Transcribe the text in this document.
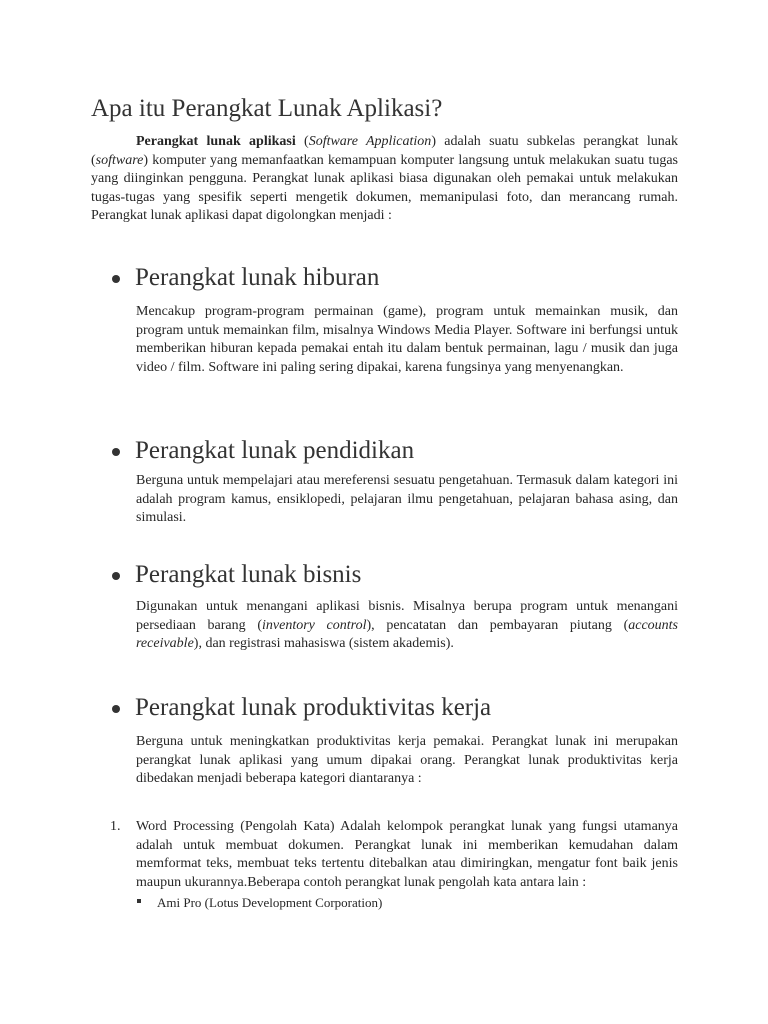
Apa itu Perangkat Lunak Aplikasi?

Perangkat lunak aplikasi (Software Application) adalah suatu subkelas perangkat lunak (software) komputer yang memanfaatkan kemampuan komputer langsung untuk melakukan suatu tugas yang diinginkan pengguna. Perangkat lunak aplikasi biasa digunakan oleh pemakai untuk melakukan tugas-tugas yang spesifik seperti mengetik dokumen, memanipulasi foto, dan merancang rumah. Perangkat lunak aplikasi dapat digolongkan menjadi :

Perangkat lunak hiburan

Mencakup program-program permainan (game), program untuk memainkan musik, dan program untuk memainkan film, misalnya Windows Media Player. Software ini berfungsi untuk memberikan hiburan kepada pemakai entah itu dalam bentuk permainan, lagu / musik dan juga video / film. Software ini paling sering dipakai, karena fungsinya yang menyenangkan.

Perangkat lunak pendidikan

Berguna untuk mempelajari atau mereferensi sesuatu pengetahuan. Termasuk dalam kategori ini adalah program kamus, ensiklopedi, pelajaran ilmu pengetahuan, pelajaran bahasa asing, dan simulasi.

Perangkat lunak bisnis

Digunakan untuk menangani aplikasi bisnis. Misalnya berupa program untuk menangani persediaan barang (inventory control), pencatatan dan pembayaran piutang (accounts receivable), dan registrasi mahasiswa (sistem akademis).

Perangkat lunak produktivitas kerja

Berguna untuk meningkatkan produktivitas kerja pemakai. Perangkat lunak ini merupakan perangkat lunak aplikasi yang umum dipakai orang. Perangkat lunak produktivitas kerja dibedakan menjadi beberapa kategori diantaranya :

1. Word Processing (Pengolah Kata) Adalah kelompok perangkat lunak yang fungsi utamanya adalah untuk membuat dokumen. Perangkat lunak ini memberikan kemudahan dalam memformat teks, membuat teks tertentu ditebalkan atau dimiringkan, mengatur font baik jenis maupun ukurannya.Beberapa contoh perangkat lunak pengolah kata antara lain :
Ami Pro (Lotus Development Corporation)
